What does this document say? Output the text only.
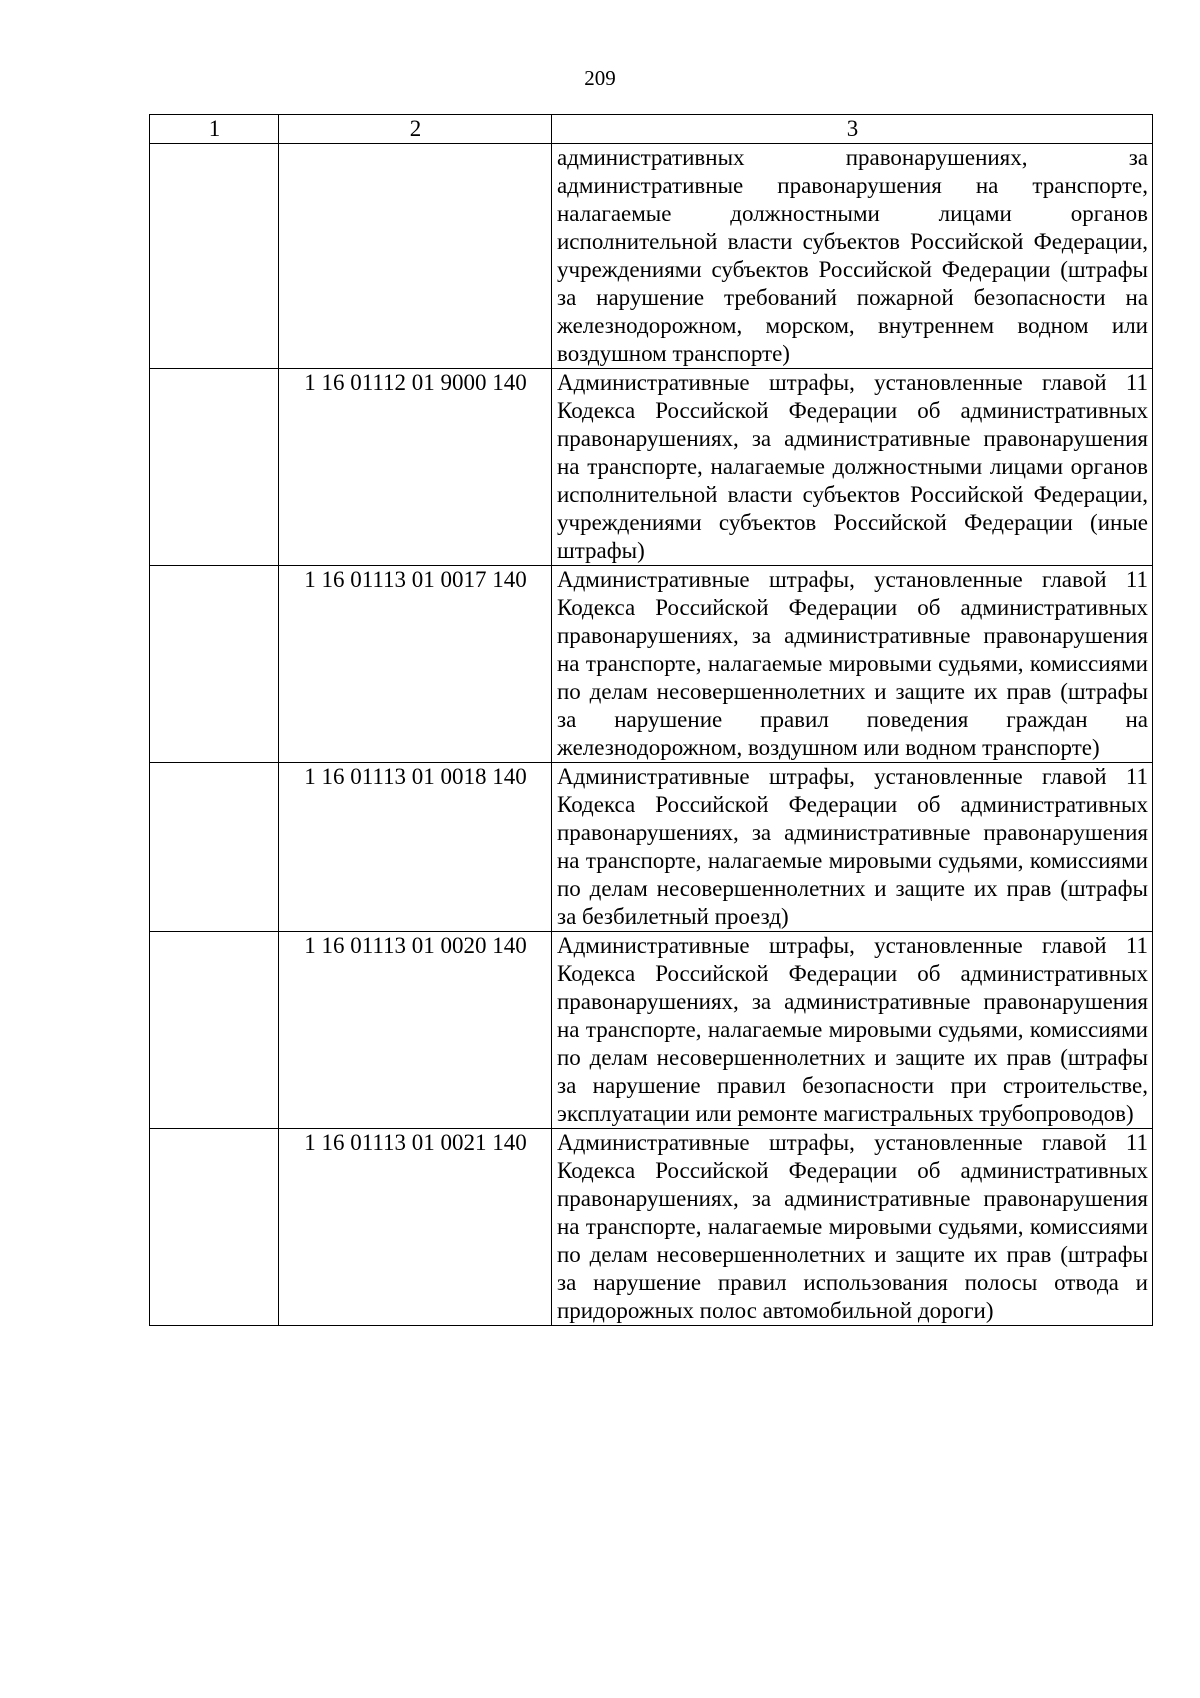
209
1	2	3
		административных правонарушениях, за административные правонарушения на транспорте, налагаемые должностными лицами органов исполнительной власти субъектов Российской Федерации, учреждениями субъектов Российской Федерации (штрафы за нарушение требований пожарной безопасности на железнодорожном, морском, внутреннем водном или воздушном транспорте)
	1 16 01112 01 9000 140	Административные штрафы, установленные главой 11 Кодекса Российской Федерации об административных правонарушениях, за административные правонарушения на транспорте, налагаемые должностными лицами органов исполнительной власти субъектов Российской Федерации, учреждениями субъектов Российской Федерации (иные штрафы)
	1 16 01113 01 0017 140	Административные штрафы, установленные главой 11 Кодекса Российской Федерации об административных правонарушениях, за административные правонарушения на транспорте, налагаемые мировыми судьями, комиссиями по делам несовершеннолетних и защите их прав (штрафы за нарушение правил поведения граждан на железнодорожном, воздушном или водном транспорте)
	1 16 01113 01 0018 140	Административные штрафы, установленные главой 11 Кодекса Российской Федерации об административных правонарушениях, за административные правонарушения на транспорте, налагаемые мировыми судьями, комиссиями по делам несовершеннолетних и защите их прав (штрафы за безбилетный проезд)
	1 16 01113 01 0020 140	Административные штрафы, установленные главой 11 Кодекса Российской Федерации об административных правонарушениях, за административные правонарушения на транспорте, налагаемые мировыми судьями, комиссиями по делам несовершеннолетних и защите их прав (штрафы за нарушение правил безопасности при строительстве, эксплуатации или ремонте магистральных трубопроводов)
	1 16 01113 01 0021 140	Административные штрафы, установленные главой 11 Кодекса Российской Федерации об административных правонарушениях, за административные правонарушения на транспорте, налагаемые мировыми судьями, комиссиями по делам несовершеннолетних и защите их прав (штрафы за нарушение правил использования полосы отвода и придорожных полос автомобильной дороги)
